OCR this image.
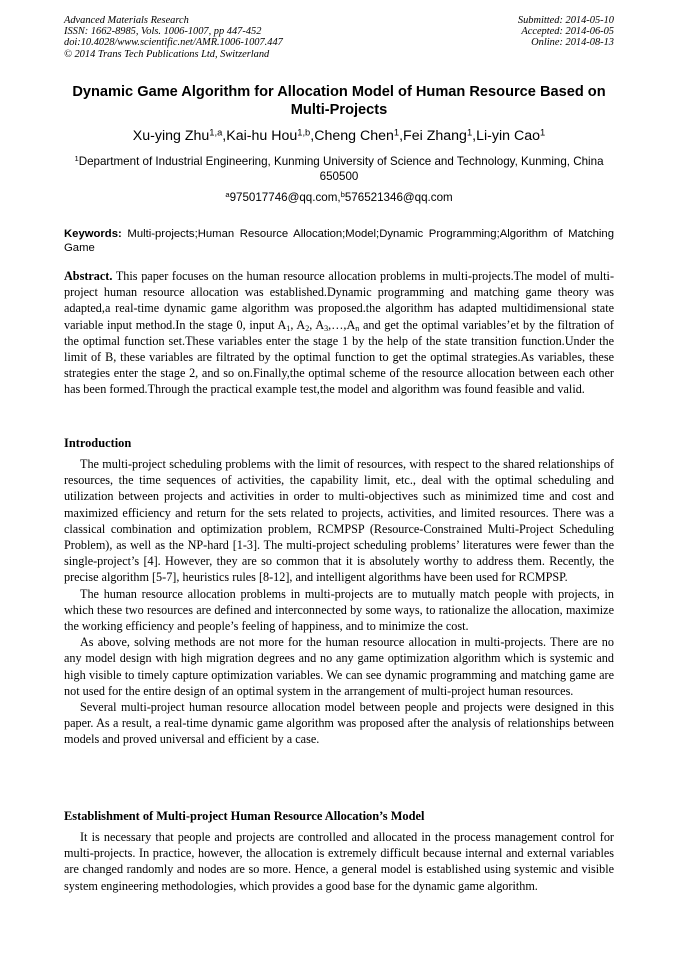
Advanced Materials Research
ISSN: 1662-8985, Vols. 1006-1007, pp 447-452
doi:10.4028/www.scientific.net/AMR.1006-1007.447
© 2014 Trans Tech Publications Ltd, Switzerland
Submitted: 2014-05-10
Accepted: 2014-06-05
Online: 2014-08-13
Dynamic Game Algorithm for Allocation Model of Human Resource Based on Multi-Projects
Xu-ying Zhu$^{1,a}$,Kai-hu Hou$^{1,b}$,Cheng Chen$^1$,Fei Zhang$^1$,Li-yin Cao$^1$
$^1$Department of Industrial Engineering, Kunming University of Science and Technology, Kunming, China 650500
$^a$975017746@qq.com,$^b$576521346@qq.com
Keywords: Multi-projects;Human Resource Allocation;Model;Dynamic Programming;Algorithm of Matching Game
Abstract. This paper focuses on the human resource allocation problems in multi-projects.The model of multi-project human resource allocation was established.Dynamic programming and matching game theory was adapted,a real-time dynamic game algorithm was proposed.the algorithm has adapted multidimensional state variable input method.In the stage 0, input $A_1$, $A_2$, $A_3,\dots,A_n$ and get the optimal variables’et by the filtration of the optimal function set.These variables enter the stage 1 by the help of the state transition function.Under the limit of B, these variables are filtrated by the optimal function to get the optimal strategies.As variables, these strategies enter the stage 2, and so on.Finally,the optimal scheme of the resource allocation between each other has been formed.Through the practical example test,the model and algorithm was found feasible and valid.
Introduction

The multi-project scheduling problems with the limit of resources, with respect to the shared relationships of resources, the time sequences of activities, the capability limit, etc., deal with the optimal scheduling and utilization between projects and activities in order to multi-objectives such as minimized time and cost and maximized efficiency and return for the sets related to projects, activities, and limited resources. There was a classical combination and optimization problem, RCMPSP (Resource-Constrained Multi-Project Scheduling Problem), as well as the NP-hard [1-3]. The multi-project scheduling problems’ literatures were fewer than the single-project’s [4]. However, they are so common that it is absolutely worthy to address them. Recently, the precise algorithm [5-7], heuristics rules [8-12], and intelligent algorithms have been used for RCMPSP.

The human resource allocation problems in multi-projects are to mutually match people with projects, in which these two resources are defined and interconnected by some ways, to rationalize the allocation, maximize the working efficiency and people’s feeling of happiness, and to minimize the cost.

As above, solving methods are not more for the human resource allocation in multi-projects. There are no any model design with high migration degrees and no any game optimization algorithm which is systemic and high visible to timely capture optimization variables. We can see dynamic programming and matching game are not used for the entire design of an optimal system in the arrangement of multi-project human resources.

Several multi-project human resource allocation model between people and projects were designed in this paper. As a result, a real-time dynamic game algorithm was proposed after the analysis of relationships between models and proved universal and efficient by a case.

Establishment of Multi-project Human Resource Allocation’s Model

It is necessary that people and projects are controlled and allocated in the process management control for multi-projects. In practice, however, the allocation is extremely difficult because internal and external variables are changed randomly and nodes are so more. Hence, a general model is established using systemic and visible system engineering methodologies, which provides a good base for the dynamic game algorithm.
